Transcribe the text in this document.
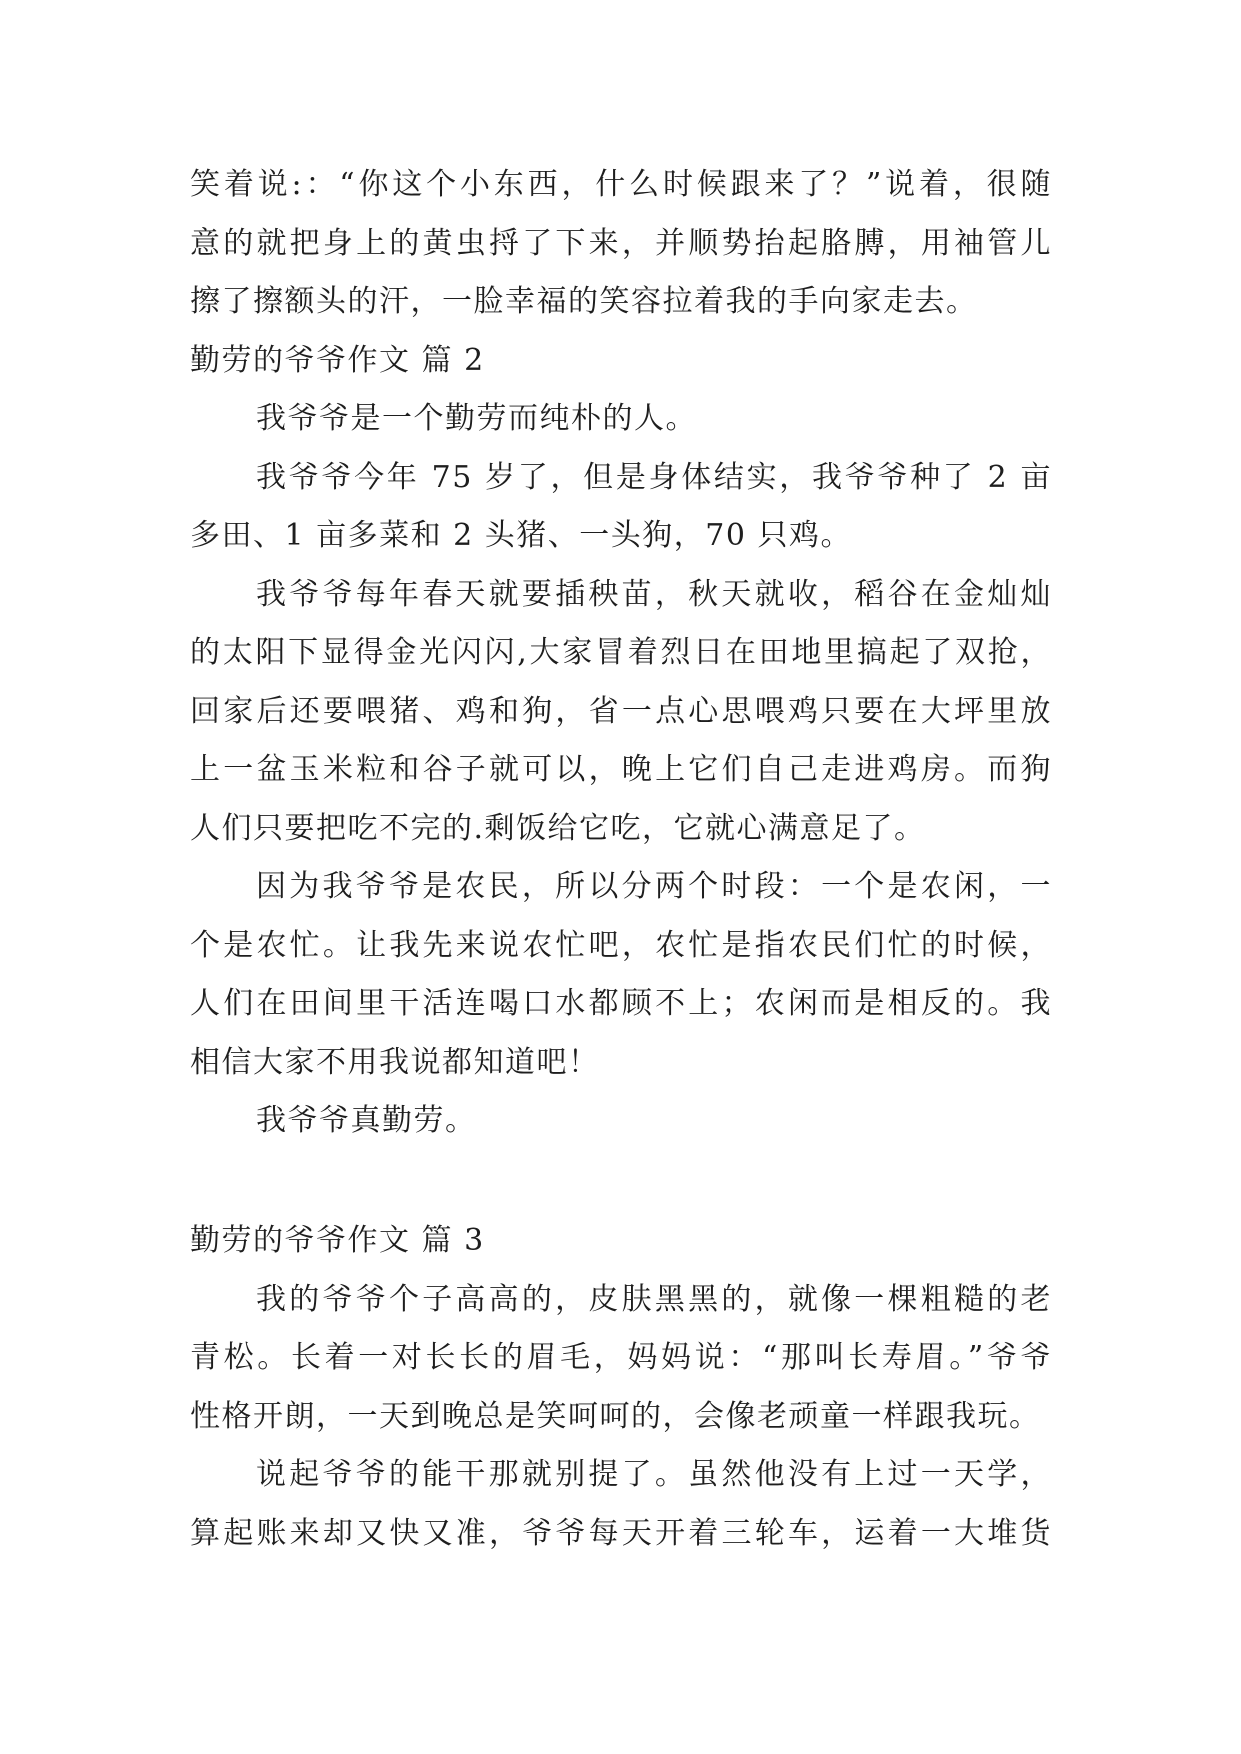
笑着说:：“你这个小东西，什么时候跟来了？”说着，很随
意的就把身上的黄虫捋了下来，并顺势抬起胳膊，用袖管儿
擦了擦额头的汗，一脸幸福的笑容拉着我的手向家走去。
勤劳的爷爷作文 篇 2
我爷爷是一个勤劳而纯朴的人。
我爷爷今年 75 岁了，但是身体结实，我爷爷种了 2 亩
多田、1 亩多菜和 2 头猪、一头狗，70 只鸡。
我爷爷每年春天就要插秧苗，秋天就收，稻谷在金灿灿
的太阳下显得金光闪闪,大家冒着烈日在田地里搞起了双抢，
回家后还要喂猪、鸡和狗，省一点心思喂鸡只要在大坪里放
上一盆玉米粒和谷子就可以，晚上它们自己走进鸡房。而狗
人们只要把吃不完的.剩饭给它吃，它就心满意足了。
因为我爷爷是农民，所以分两个时段：一个是农闲，一
个是农忙。让我先来说农忙吧，农忙是指农民们忙的时候，
人们在田间里干活连喝口水都顾不上；农闲而是相反的。我
相信大家不用我说都知道吧！
我爷爷真勤劳。
勤劳的爷爷作文 篇 3
我的爷爷个子高高的，皮肤黑黑的，就像一棵粗糙的老
青松。长着一对长长的眉毛，妈妈说：“那叫长寿眉。”爷爷
性格开朗，一天到晚总是笑呵呵的，会像老顽童一样跟我玩。
说起爷爷的能干那就别提了。虽然他没有上过一天学，
算起账来却又快又准，爷爷每天开着三轮车，运着一大堆货
